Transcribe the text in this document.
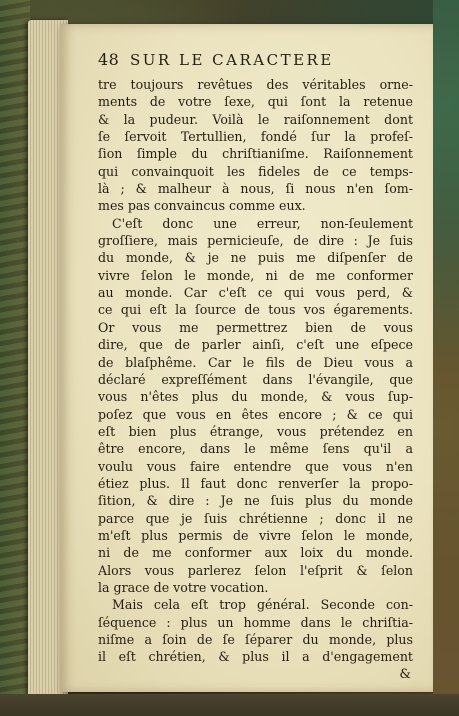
48 SUR LE CARACTERE
tre toujours revêtues des véritables orne-
ments de votre ſexe, qui ſont la retenue
& la pudeur. Voilà le raiſonnement dont
ſe ſervoit Tertullien, fondé ſur la profeſ-
ſion ſimple du chriſtianiſme. Raiſonnement
qui convainquoit les fideles de ce temps-
là ; & malheur à nous, ſi nous n'en ſom-
mes pas convaincus comme eux.
C'eſt donc une erreur, non-ſeulement
groſſiere, mais pernicieuſe, de dire : Je ſuis
du monde, & je ne puis me diſpenſer de
vivre ſelon le monde, ni de me conformer
au monde. Car c'eſt ce qui vous perd, &
ce qui eſt la ſource de tous vos égarements.
Or vous me permettrez bien de vous
dire, que de parler ainſi, c'eſt une eſpece
de blaſphême. Car le fils de Dieu vous a
déclaré expreſſément dans l'évangile, que
vous n'êtes plus du monde, & vous ſup-
poſez que vous en êtes encore ; & ce qui
eſt bien plus étrange, vous prétendez en
être encore, dans le même ſens qu'il a
voulu vous faire entendre que vous n'en
étiez plus. Il faut donc renverſer la propo-
ſition, & dire : Je ne ſuis plus du monde
parce que je ſuis chrétienne ; donc il ne
m'eſt plus permis de vivre ſelon le monde,
ni de me conformer aux loix du monde.
Alors vous parlerez ſelon l'eſprit & ſelon
la grace de votre vocation.
Mais cela eſt trop général. Seconde con-
ſéquence : plus un homme dans le chriſtia-
niſme a ſoin de ſe ſéparer du monde, plus
il eſt chrétien, & plus il a d'engagement
&
